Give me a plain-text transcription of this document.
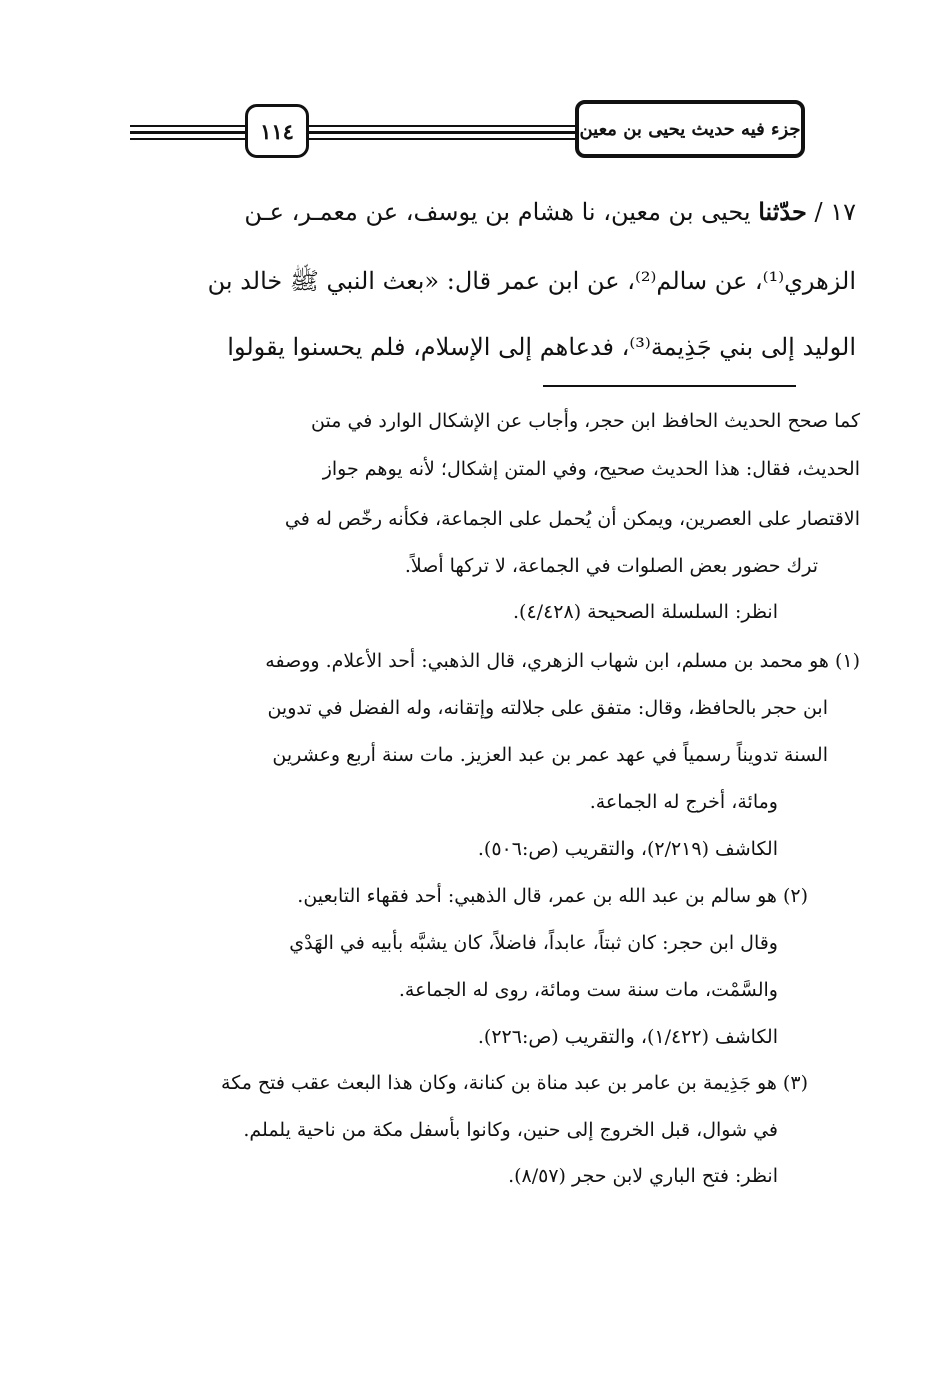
١١٤	جزء فيه حديث يحيى بن معين
١٧ / حدّثنا يحيى بن معين، نا هشام بن يوسف، عن معمـر، عـن
الزهري⁽¹⁾، عن سالم⁽²⁾، عن ابن عمر قال: «بعث النبي ﷺ خالد بن
الوليد إلى بني جَذِيمة⁽³⁾، فدعاهم إلى الإسلام، فلم يحسنوا يقولوا
كما صحح الحديث الحافظ ابن حجر، وأجاب عن الإشكال الوارد في متن
الحديث، فقال: هذا الحديث صحيح، وفي المتن إشكال؛ لأنه يوهم جواز
الاقتصار على العصرين، ويمكن أن يُحمل على الجماعة، فكأنه رخّص له في
ترك حضور بعض الصلوات في الجماعة، لا تركها أصلاً.
انظر: السلسلة الصحيحة (٤/٤٢٨).
(١) هو محمد بن مسلم، ابن شهاب الزهري، قال الذهبي: أحد الأعلام. ووصفه
ابن حجر بالحافظ، وقال: متفق على جلالته وإتقانه، وله الفضل في تدوين
السنة تدويناً رسمياً في عهد عمر بن عبد العزيز. مات سنة أربع وعشرين
ومائة، أخرج له الجماعة.
الكاشف (٢/٢١٩)، والتقريب (ص:٥٠٦).
(٢) هو سالم بن عبد الله بن عمر، قال الذهبي: أحد فقهاء التابعين.
وقال ابن حجر: كان ثبتاً، عابداً، فاضلاً، كان يشبَّه بأبيه في الهَدْي
والسَّمْت، مات سنة ست ومائة، روى له الجماعة.
الكاشف (١/٤٢٢)، والتقريب (ص:٢٢٦).
(٣) هو جَذِيمة بن عامر بن عبد مناة بن كنانة، وكان هذا البعث عقب فتح مكة
في شوال، قبل الخروج إلى حنين، وكانوا بأسفل مكة من ناحية يلملم.
انظر: فتح الباري لابن حجر (٨/٥٧).
